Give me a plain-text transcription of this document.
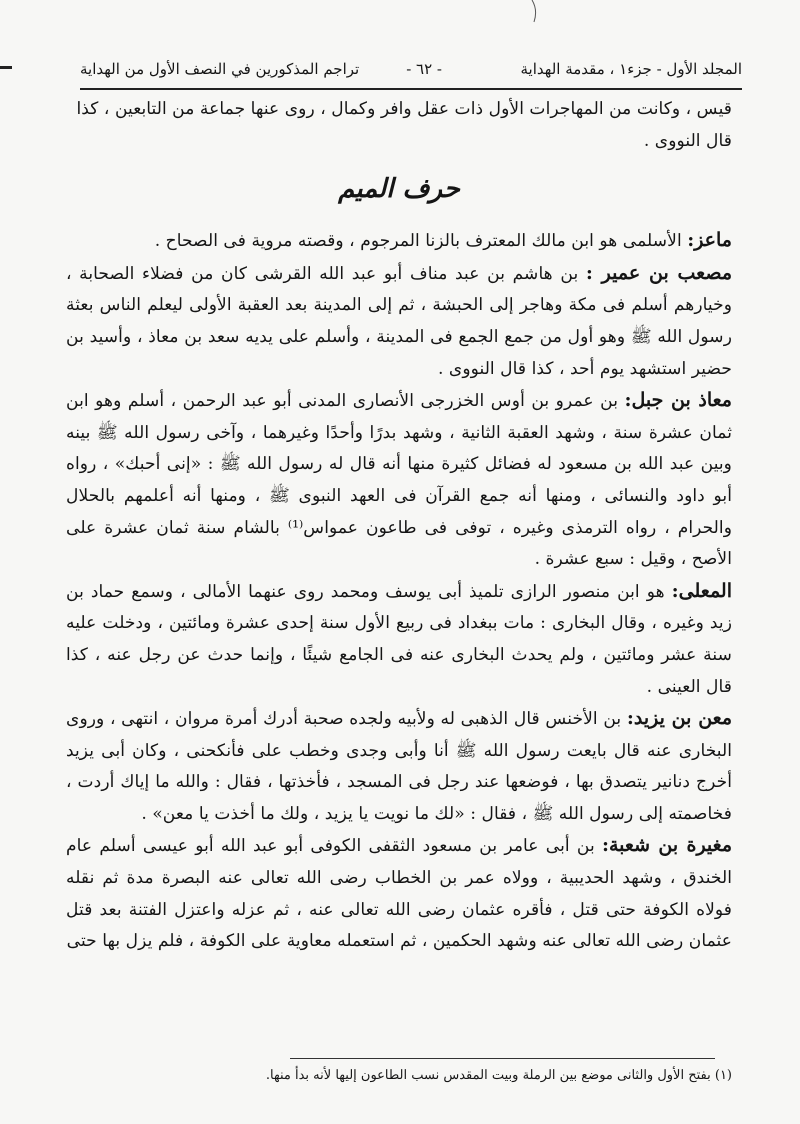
المجلد الأول - جزء١ ، مقدمة الهداية
- ٦٢ -
تراجم المذكورين في النصف الأول من الهداية

قيس ، وكانت من المهاجرات الأول ذات عقل وافر وكمال ، روى عنها جماعة من التابعين ، كذا
قال النووى .

حرف الميم

ماعز: الأسلمى هو ابن مالك المعترف بالزنا المرجوم ، وقصته مروية فى الصحاح .

مصعب بن عمير : بن هاشم بن عبد مناف أبو عبد الله القرشى كان من فضلاء الصحابة ، وخيارهم أسلم فى مكة وهاجر إلى الحبشة ، ثم إلى المدينة بعد العقبة الأولى ليعلم الناس بعثة رسول الله ﷺ وهو أول من جمع الجمع فى المدينة ، وأسلم على يديه سعد بن معاذ ، وأسيد بن حضير استشهد يوم أحد ، كذا قال النووى .

معاذ بن جبل: بن عمرو بن أوس الخزرجى الأنصارى المدنى أبو عبد الرحمن ، أسلم وهو ابن ثمان عشرة سنة ، وشهد العقبة الثانية ، وشهد بدرًا وأحدًا وغيرهما ، وآخى رسول الله ﷺ بينه وبين عبد الله بن مسعود له فضائل كثيرة منها أنه قال له رسول الله ﷺ : «إنى أحبك» ، رواه أبو داود والنسائى ، ومنها أنه جمع القرآن فى العهد النبوى ﷺ ، ومنها أنه أعلمهم بالحلال والحرام ، رواه الترمذى وغيره ، توفى فى طاعون عمواس⁽¹⁾ بالشام سنة ثمان عشرة على الأصح ، وقيل : سبع عشرة .

المعلى: هو ابن منصور الرازى تلميذ أبى يوسف ومحمد روى عنهما الأمالى ، وسمع حماد بن زيد وغيره ، وقال البخارى : مات ببغداد فى ربيع الأول سنة إحدى عشرة ومائتين ، ودخلت عليه سنة عشر ومائتين ، ولم يحدث البخارى عنه فى الجامع شيئًا ، وإنما حدث عن رجل عنه ، كذا قال العينى .

معن بن يزيد: بن الأخنس قال الذهبى له ولأبيه ولجده صحبة أدرك أمرة مروان ، انتهى ، وروى البخارى عنه قال بايعت رسول الله ﷺ أنا وأبى وجدى وخطب على فأنكحنى ، وكان أبى يزيد أخرج دنانير يتصدق بها ، فوضعها عند رجل فى المسجد ، فأخذتها ، فقال : والله ما إياك أردت ، فخاصمته إلى رسول الله ﷺ ، فقال : «لك ما نويت يا يزيد ، ولك ما أخذت يا معن» .

مغيرة بن شعبة: بن أبى عامر بن مسعود الثقفى الكوفى أبو عبد الله أبو عيسى أسلم عام الخندق ، وشهد الحديبية ، وولاه عمر بن الخطاب رضى الله تعالى عنه البصرة مدة ثم نقله فولاه الكوفة حتى قتل ، فأقره عثمان رضى الله تعالى عنه ، ثم عزله واعتزل الفتنة بعد قتل عثمان رضى الله تعالى عنه وشهد الحكمين ، ثم استعمله معاوية على الكوفة ، فلم يزل بها حتى

(١) بفتح الأول والثانى موضع بين الرملة وبيت المقدس نسب الطاعون إليها لأنه بدأ منها.
